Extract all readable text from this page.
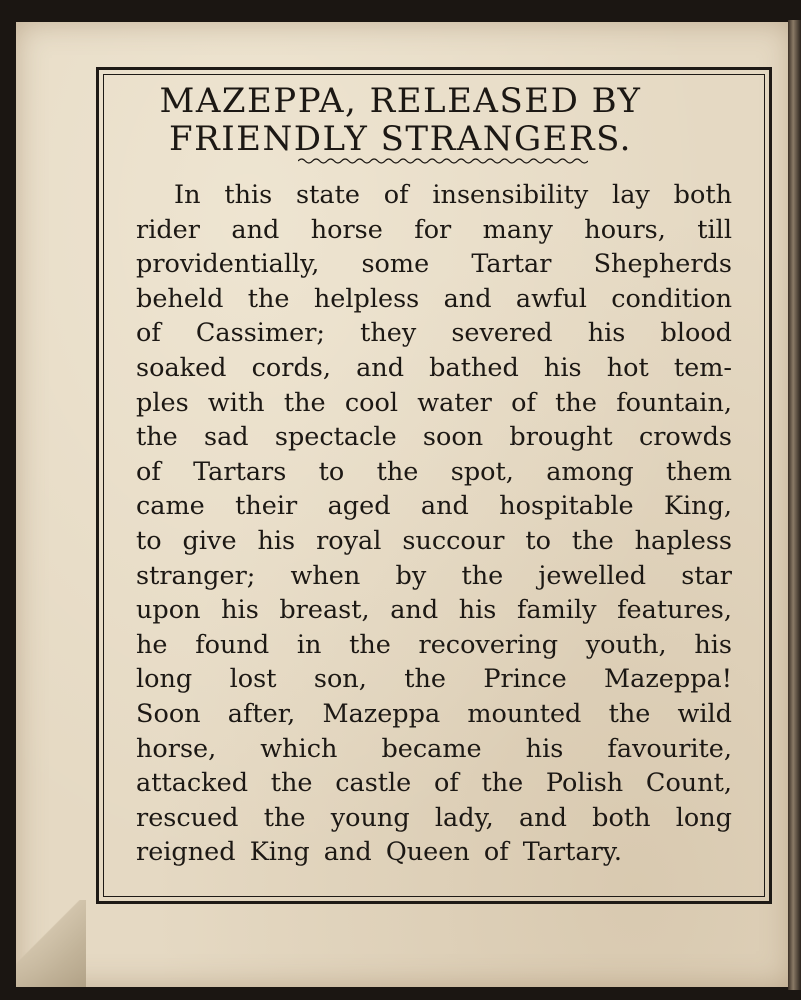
MAZEPPA, RELEASED BY
FRIENDLY STRANGERS.
In this state of insensibility lay both
rider and horse for many hours, till
providentially, some Tartar Shepherds
beheld the helpless and awful condition
of Cassimer; they severed his blood
soaked cords, and bathed his hot tem-
ples with the cool water of the fountain,
the sad spectacle soon brought crowds
of Tartars to the spot, among them
came their aged and hospitable King,
to give his royal succour to the hapless
stranger; when by the jewelled star
upon his breast, and his family features,
he found in the recovering youth, his
long lost son, the Prince Mazeppa!
Soon after, Mazeppa mounted the wild
horse, which became his favourite,
attacked the castle of the Polish Count,
rescued the young lady, and both long
reigned King and Queen of Tartary.
